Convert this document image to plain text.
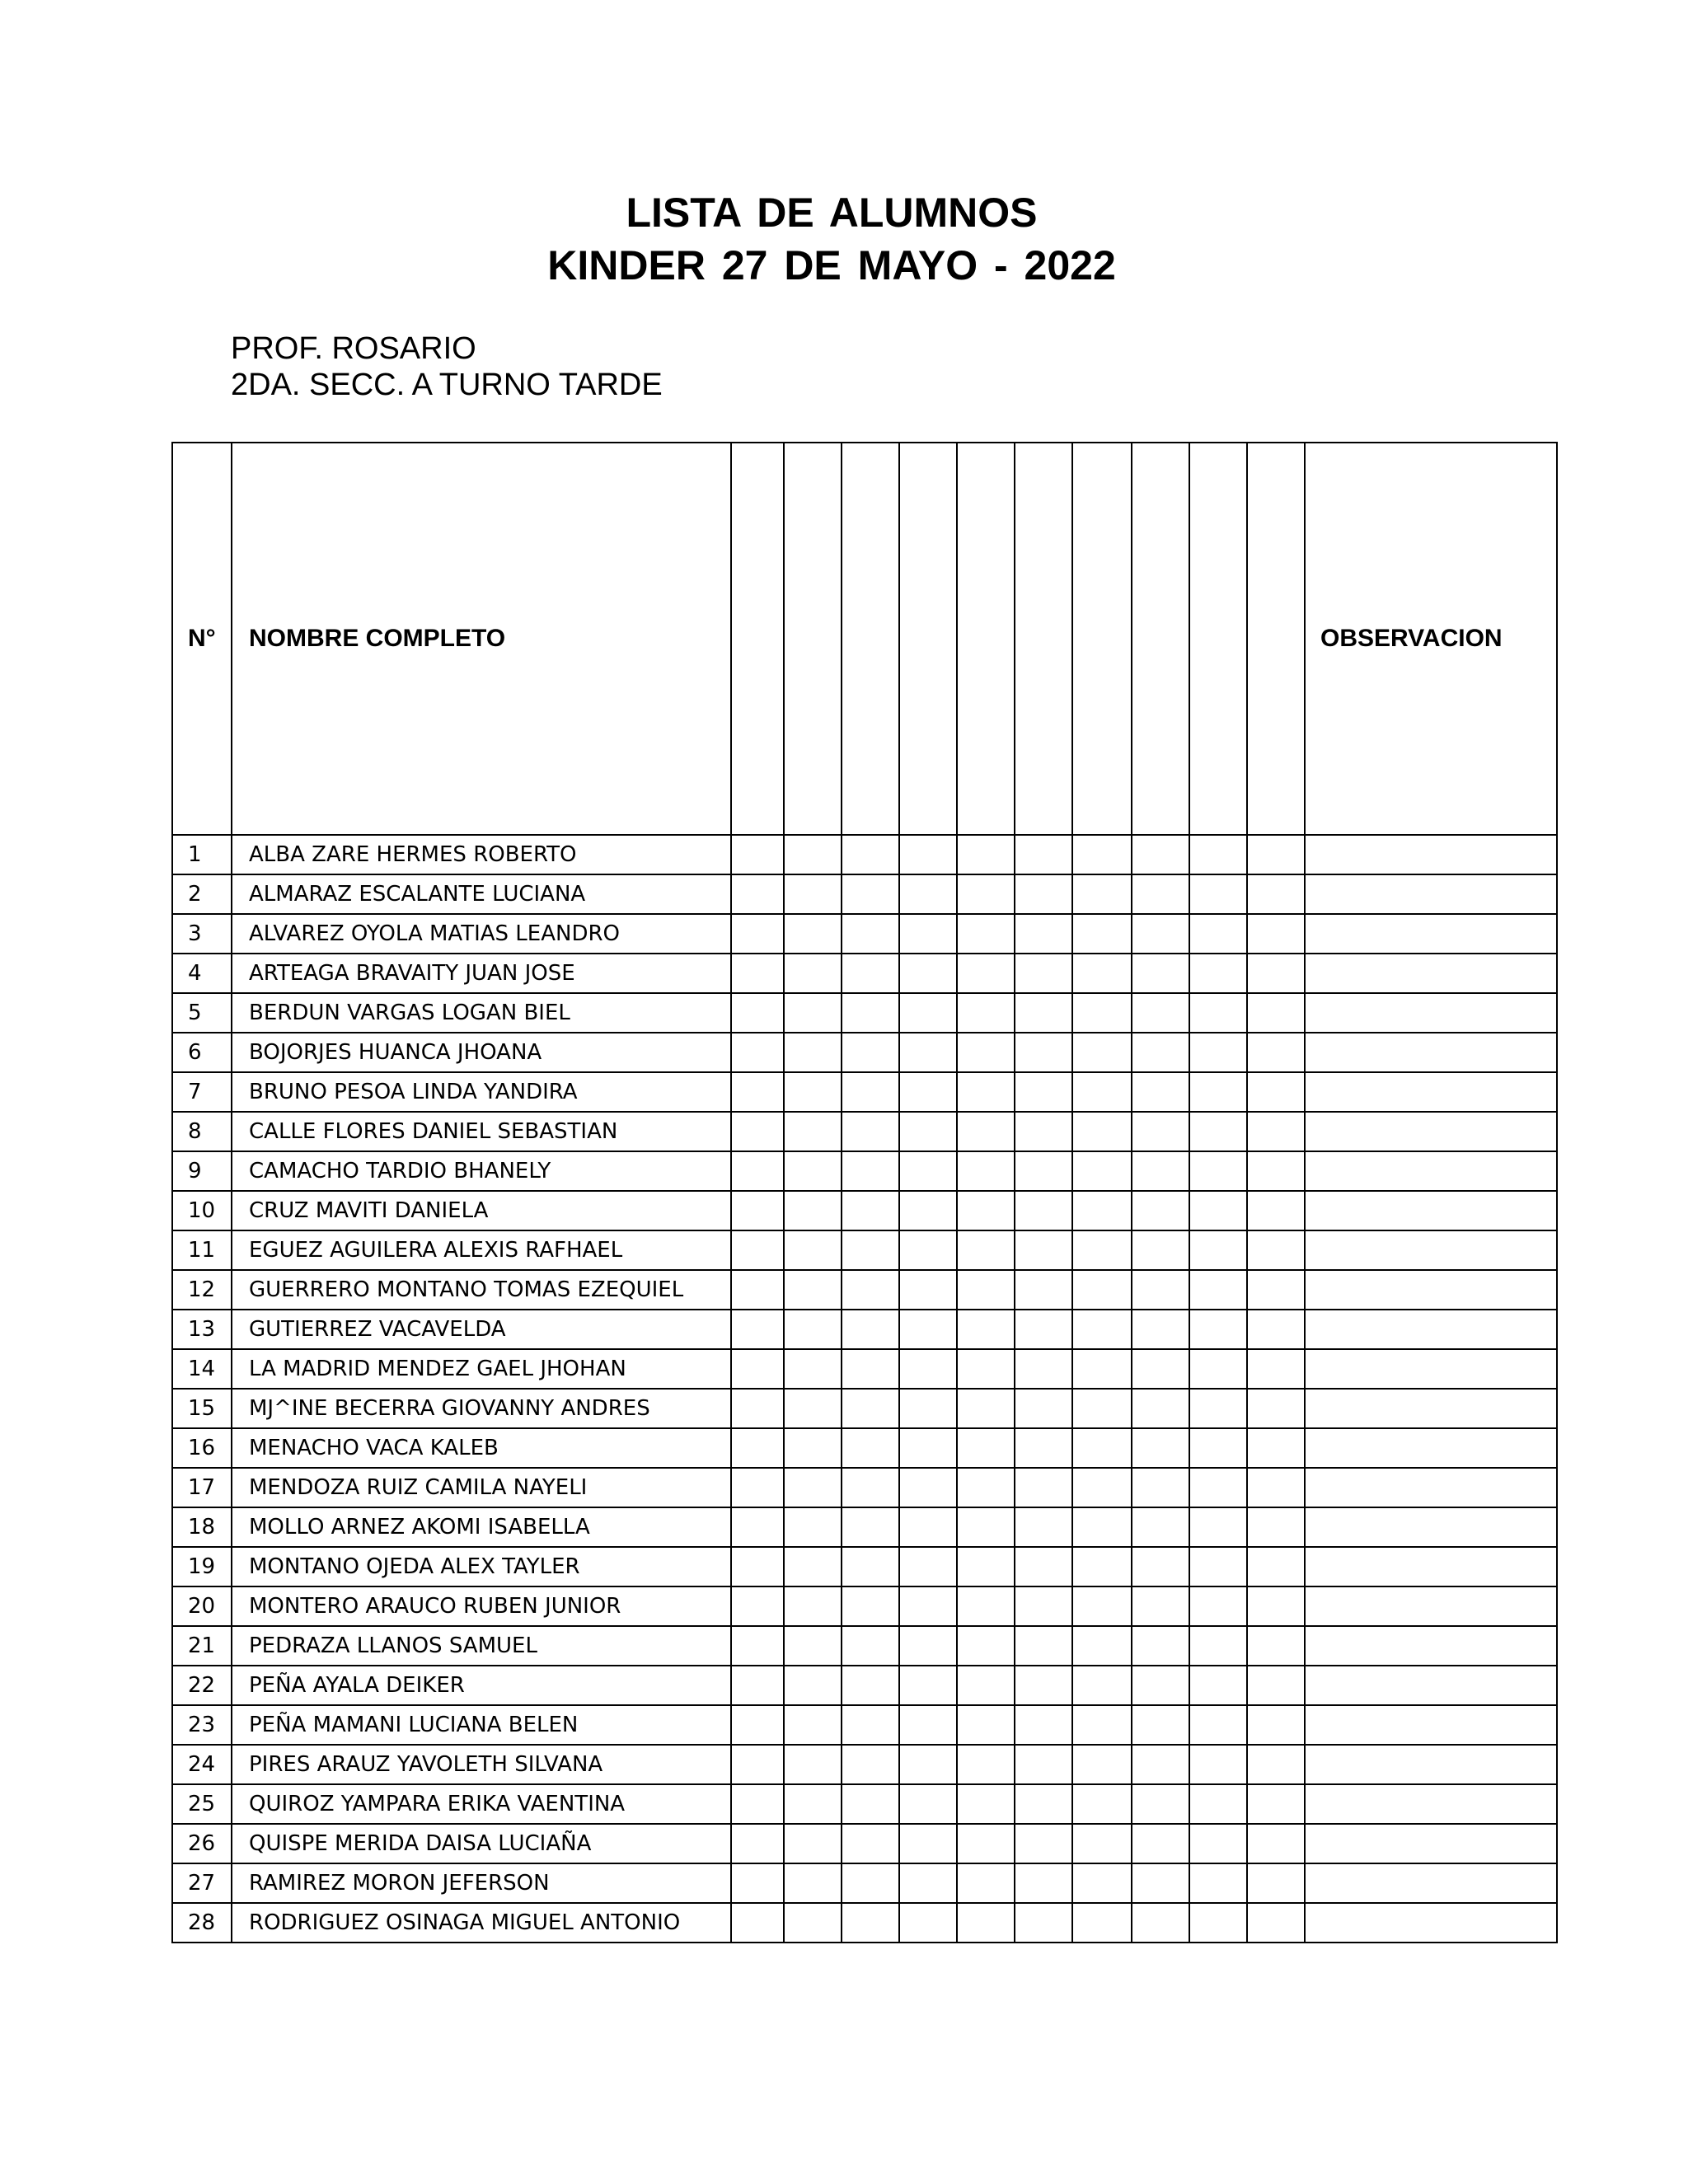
LISTA DE ALUMNOS
KINDER 27 DE MAYO - 2022
PROF. ROSARIO
2DA. SECC. A TURNO TARDE
N°	NOMBRE COMPLETO											OBSERVACION
1	ALBA ZARE HERMES ROBERTO											
2	ALMARAZ ESCALANTE LUCIANA											
3	ALVAREZ OYOLA MATIAS LEANDRO											
4	ARTEAGA BRAVAITY JUAN JOSE											
5	BERDUN VARGAS LOGAN BIEL											
6	BOJORJES HUANCA JHOANA											
7	BRUNO PESOA LINDA YANDIRA											
8	CALLE FLORES DANIEL SEBASTIAN											
9	CAMACHO TARDIO BHANELY											
10	CRUZ MAVITI DANIELA											
11	EGUEZ AGUILERA ALEXIS RAFHAEL											
12	GUERRERO MONTANO TOMAS EZEQUIEL											
13	GUTIERREZ VACAVELDA											
14	LA MADRID MENDEZ GAEL JHOHAN											
15	MJ^INE BECERRA GIOVANNY ANDRES											
16	MENACHO VACA KALEB											
17	MENDOZA RUIZ CAMILA NAYELI											
18	MOLLO ARNEZ AKOMI ISABELLA											
19	MONTANO OJEDA ALEX TAYLER											
20	MONTERO ARAUCO RUBEN JUNIOR											
21	PEDRAZA LLANOS SAMUEL											
22	PEÑA AYALA DEIKER											
23	PEÑA MAMANI LUCIANA BELEN											
24	PIRES ARAUZ YAVOLETH SILVANA											
25	QUIROZ YAMPARA ERIKA VAENTINA											
26	QUISPE MERIDA DAISA LUCIAÑA											
27	RAMIREZ MORON JEFERSON											
28	RODRIGUEZ OSINAGA MIGUEL ANTONIO											
